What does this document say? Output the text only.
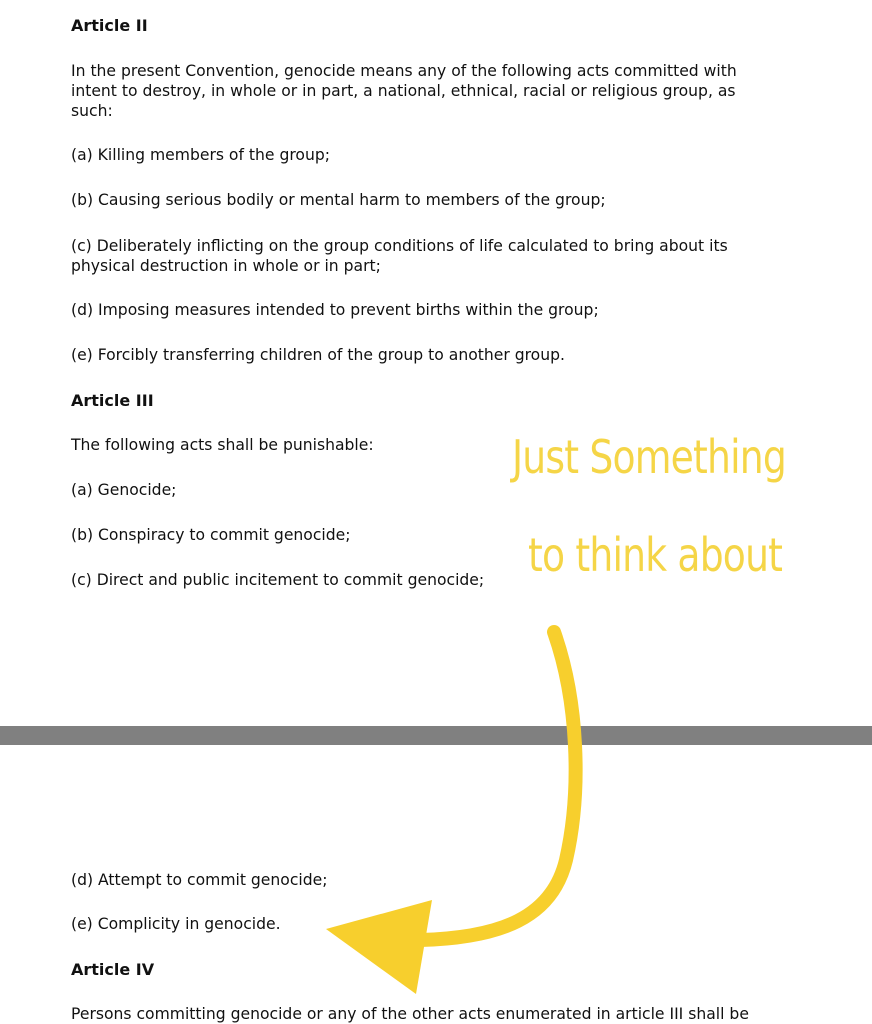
Article II

In the present Convention, genocide means any of the following acts committed with

intent to destroy, in whole or in part, a national, ethnical, racial or religious group, as

such:

(a) Killing members of the group;

(b) Causing serious bodily or mental harm to members of the group;

(c) Deliberately inflicting on the group conditions of life calculated to bring about its

physical destruction in whole or in part;

(d) Imposing measures intended to prevent births within the group;

(e) Forcibly transferring children of the group to another group.

Article III

The following acts shall be punishable:

(a) Genocide;

(b) Conspiracy to commit genocide;

(c) Direct and public incitement to commit genocide;

Just Something
to think about

(d) Attempt to commit genocide;

(e) Complicity in genocide.

Article IV

Persons committing genocide or any of the other acts enumerated in article III shall be
